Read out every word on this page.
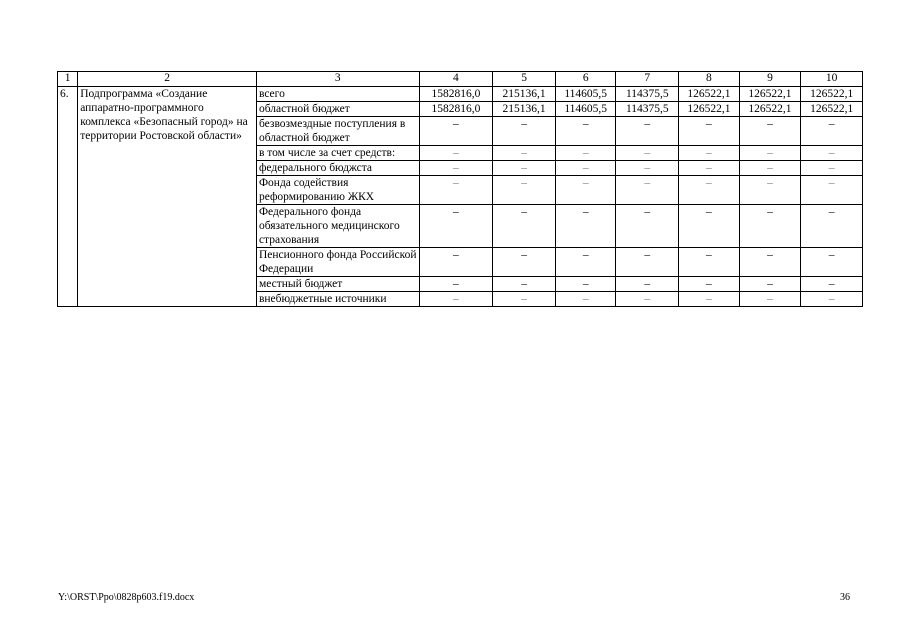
1	2	3	4	5	6	7	8	9	10
6.	Подпрограмма «Создание аппаратно-программного комплекса «Безопасный город» на территории Ростовской области»	всего	1582816,0	215136,1	114605,5	114375,5	126522,1	126522,1	126522,1
		областной бюджет	1582816,0	215136,1	114605,5	114375,5	126522,1	126522,1	126522,1
		безвозмездные поступления в областной бюджет	–	–	–	–	–	–	–
		в том числе за счет средств:	–	–	–	–	–	–	–
		федерального бюджста	–	–	–	–	–	–	–
		Фонда содействия реформированию ЖКХ	–	–	–	–	–	–	–
		Федерального фонда обязательного медицинского страхования	–	–	–	–	–	–	–
		Пенсионного фонда Российской Федерации	–	–	–	–	–	–	–
		местный бюджет	–	–	–	–	–	–	–
		внебюджетные источники	–	–	–	–	–	–	–
Y:\ORST\Ppo\0828p603.f19.docx	36
